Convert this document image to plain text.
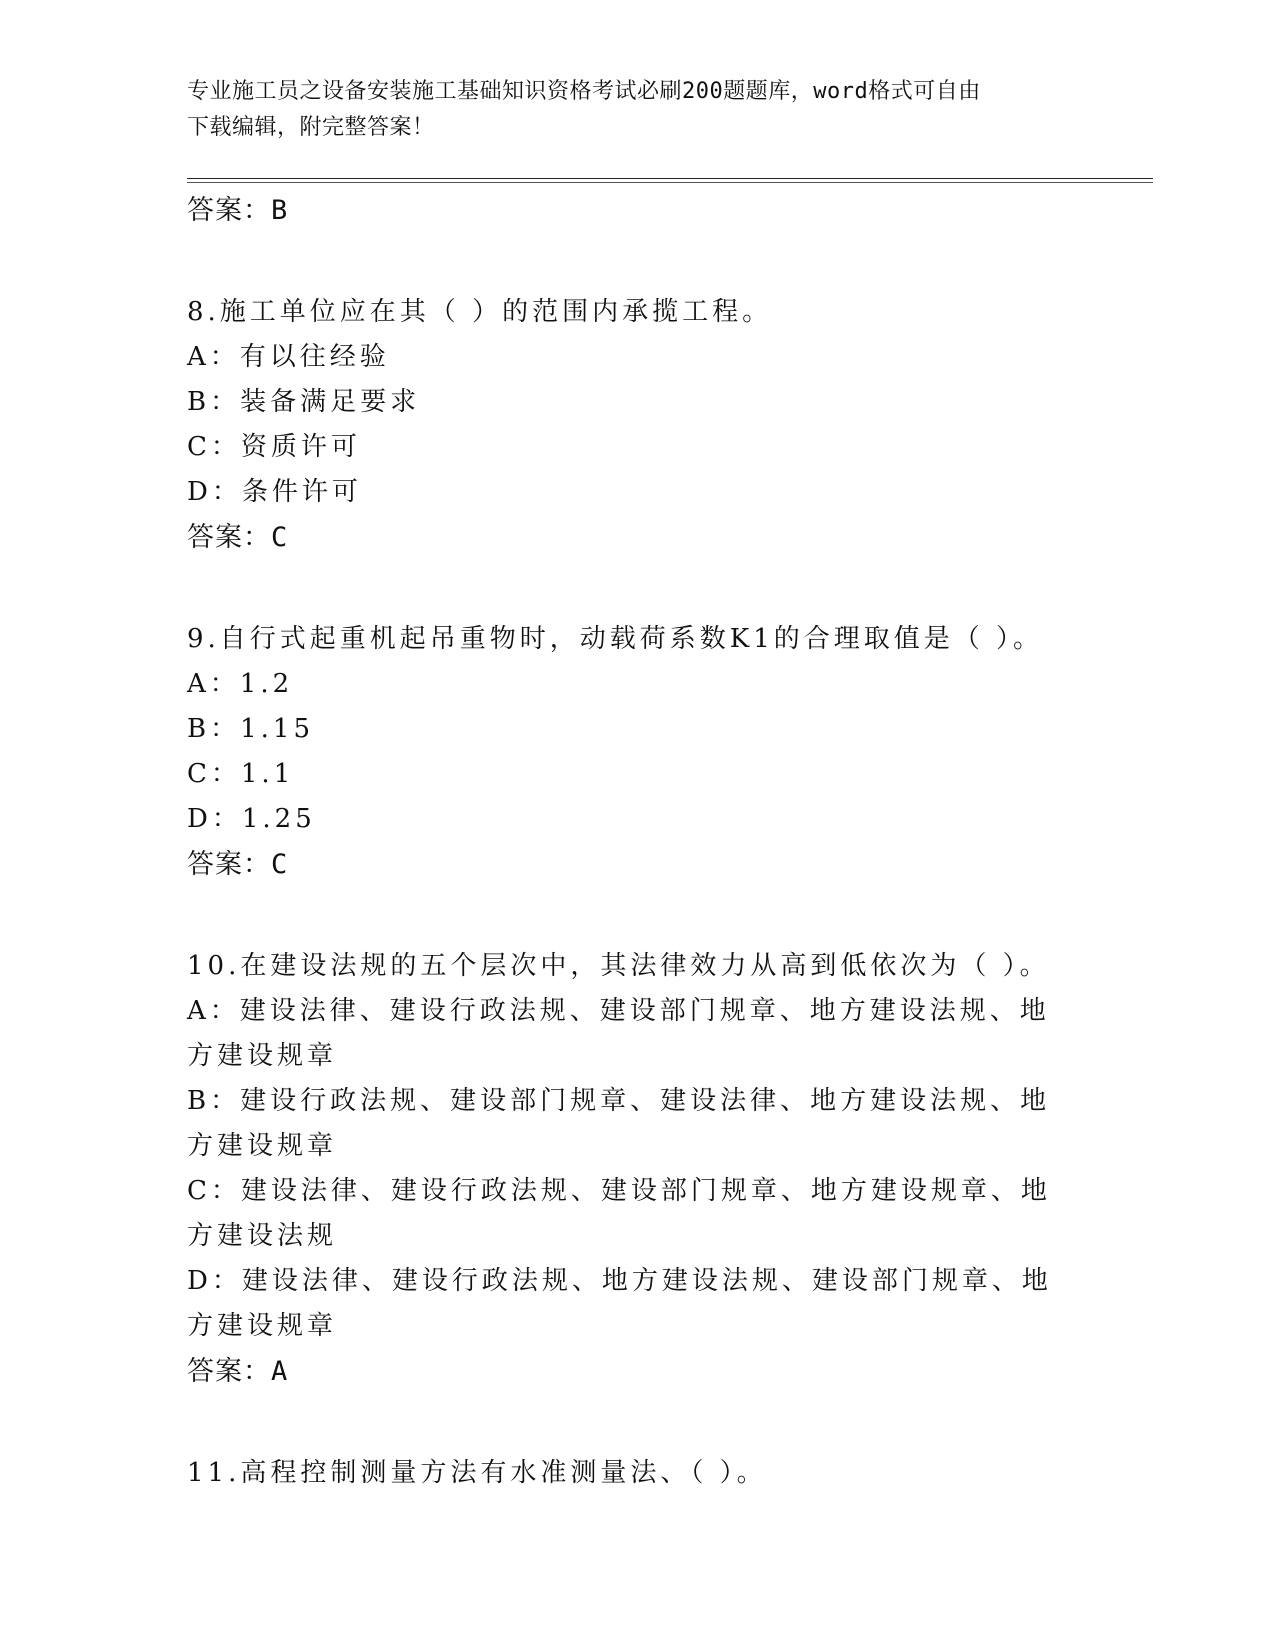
专业施工员之设备安装施工基础知识资格考试必刷200题题库，word格式可自由
下载编辑，附完整答案！
答案：B
8.施工单位应在其（ ）的范围内承揽工程。
A：有以往经验
B：装备满足要求
C：资质许可
D：条件许可
答案：C
9.自行式起重机起吊重物时，动载荷系数K1的合理取值是（ ）。
A：1.2
B：1.15
C：1.1
D：1.25
答案：C
10.在建设法规的五个层次中，其法律效力从高到低依次为（ ）。
A：建设法律、建设行政法规、建设部门规章、地方建设法规、地方建设规章
B：建设行政法规、建设部门规章、建设法律、地方建设法规、地方建设规章
C：建设法律、建设行政法规、建设部门规章、地方建设规章、地方建设法规
D：建设法律、建设行政法规、地方建设法规、建设部门规章、地方建设规章
答案：A
11.高程控制测量方法有水准测量法、（ ）。
